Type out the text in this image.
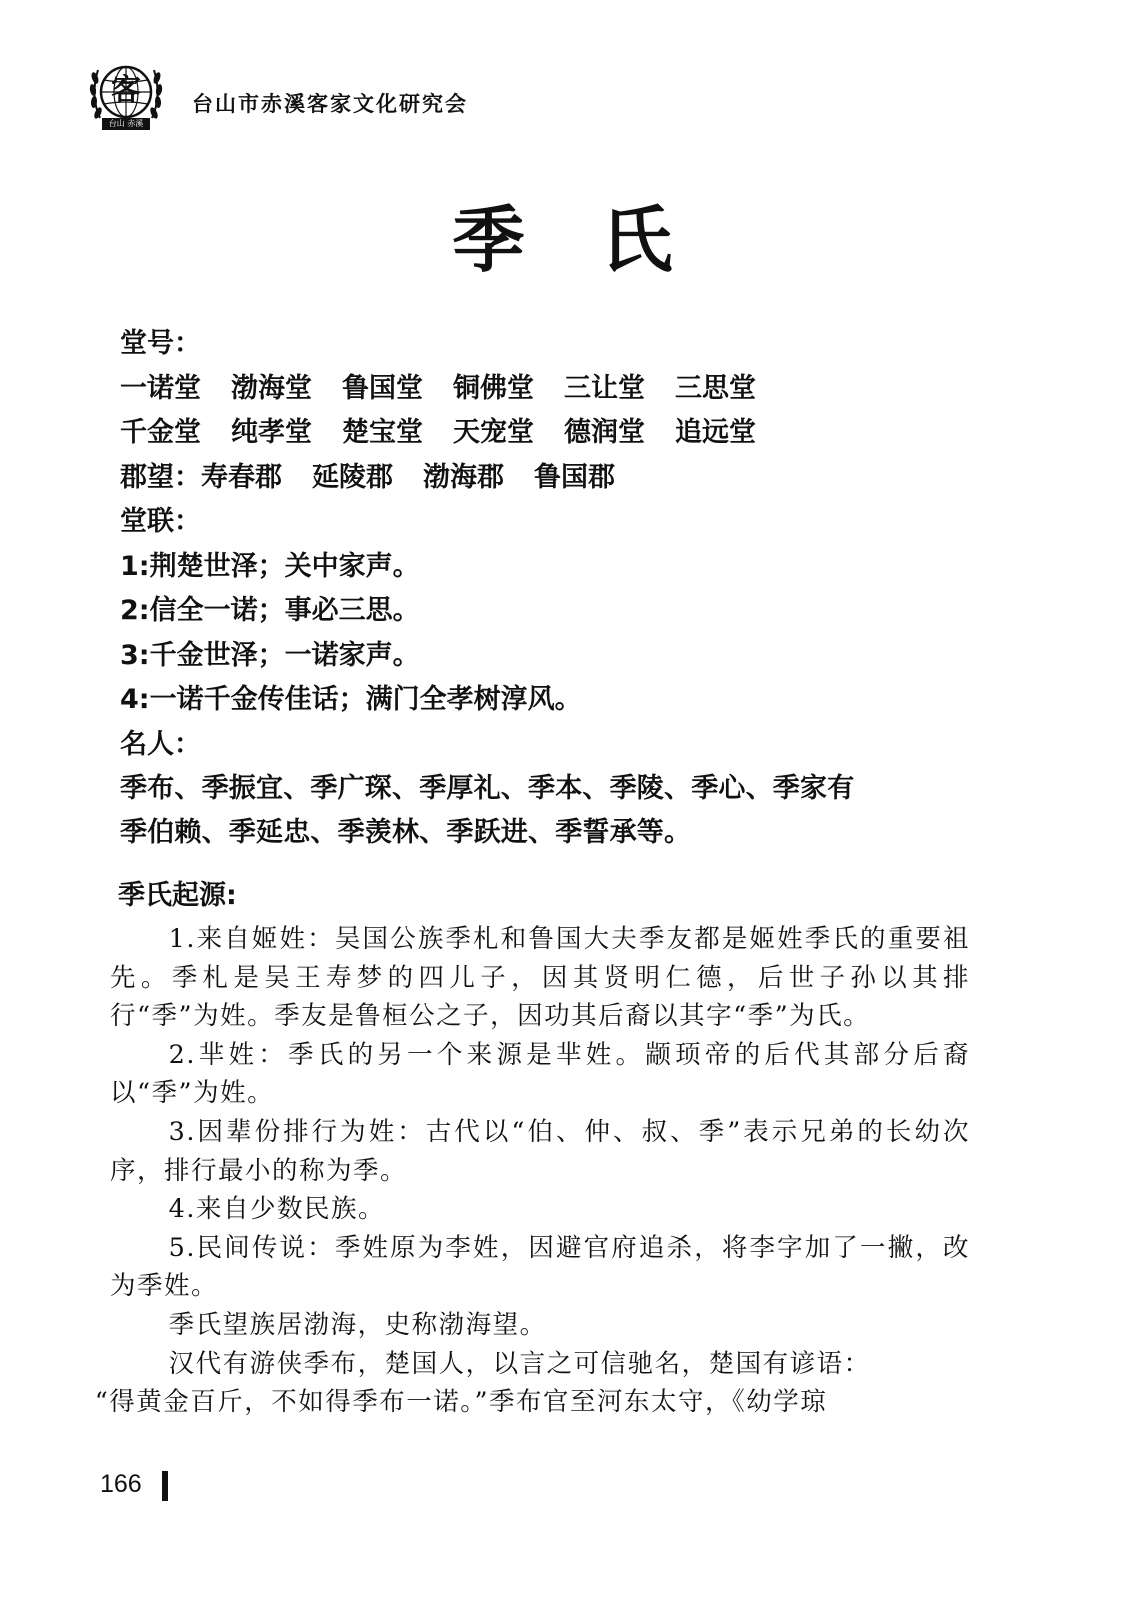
客
台山 赤溪
台山市赤溪客家文化研究会
季氏
堂号：
一诺堂 渤海堂 鲁国堂 铜佛堂 三让堂 三思堂
千金堂 纯孝堂 楚宝堂 天宠堂 德润堂 追远堂
郡望：寿春郡 延陵郡 渤海郡 鲁国郡
堂联：
1:荆楚世泽；关中家声。
2:信全一诺；事必三思。
3:千金世泽；一诺家声。
4:一诺千金传佳话；满门全孝树淳风。
名人：
季布、季振宜、季广琛、季厚礼、季本、季陵、季心、季家有
季伯赖、季延忠、季羡林、季跃进、季誓承等。
季氏起源:

1.来自姬姓：吴国公族季札和鲁国大夫季友都是姬姓季氏的重要祖先。季札是吴王寿梦的四儿子，因其贤明仁德，后世子孙以其排行“季”为姓。季友是鲁桓公之子，因功其后裔以其字“季”为氏。

2.芈姓：季氏的另一个来源是芈姓。颛顼帝的后代其部分后裔以“季”为姓。

3.因辈份排行为姓：古代以“伯、仲、叔、季”表示兄弟的长幼次序，排行最小的称为季。

4.来自少数民族。

5.民间传说：季姓原为李姓，因避官府追杀，将李字加了一撇，改为季姓。

季氏望族居渤海，史称渤海望。

汉代有游侠季布，楚国人，以言之可信驰名，楚国有谚语：

“得黄金百斤，不如得季布一诺。”季布官至河东太守，《幼学琼

166
